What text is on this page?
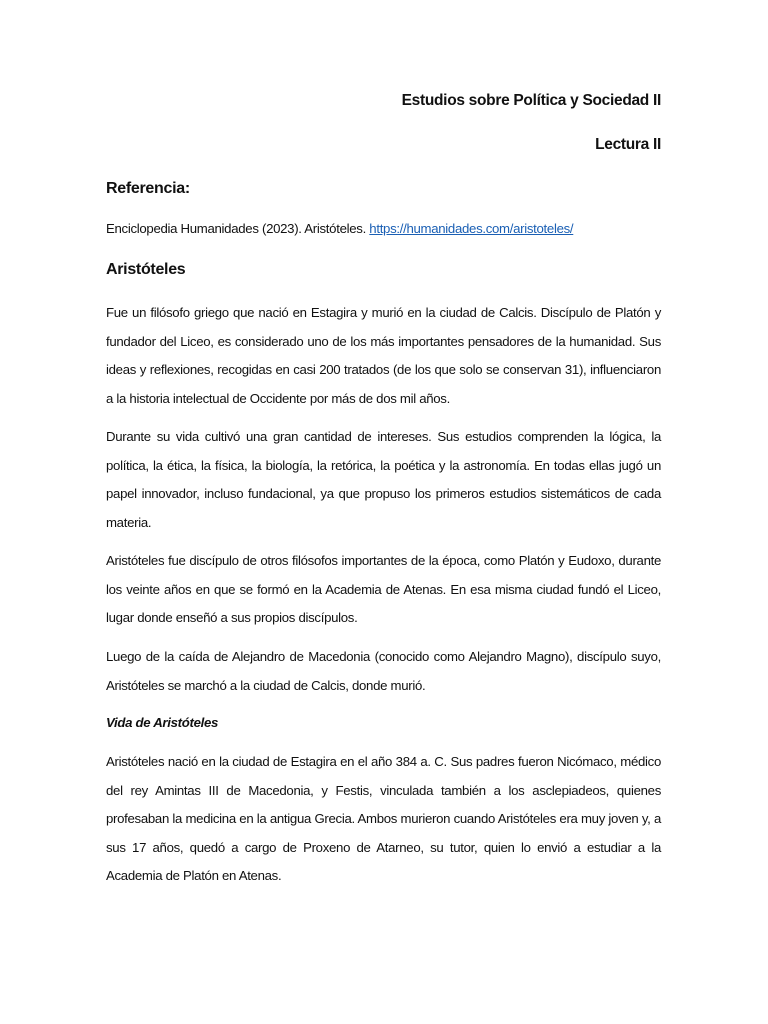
Estudios sobre Política y Sociedad II
Lectura II
Referencia:
Enciclopedia Humanidades (2023). Aristóteles. https://humanidades.com/aristoteles/
Aristóteles

Fue un filósofo griego que nació en Estagira y murió en la ciudad de Calcis. Discípulo de Platón y fundador del Liceo, es considerado uno de los más importantes pensadores de la humanidad. Sus ideas y reflexiones, recogidas en casi 200 tratados (de los que solo se conservan 31), influenciaron a la historia intelectual de Occidente por más de dos mil años.

Durante su vida cultivó una gran cantidad de intereses. Sus estudios comprenden la lógica, la política, la ética, la física, la biología, la retórica, la poética y la astronomía. En todas ellas jugó un papel innovador, incluso fundacional, ya que propuso los primeros estudios sistemáticos de cada materia.

Aristóteles fue discípulo de otros filósofos importantes de la época, como Platón y Eudoxo, durante los veinte años en que se formó en la Academia de Atenas. En esa misma ciudad fundó el Liceo, lugar donde enseñó a sus propios discípulos.

Luego de la caída de Alejandro de Macedonia (conocido como Alejandro Magno), discípulo suyo, Aristóteles se marchó a la ciudad de Calcis, donde murió.

Vida de Aristóteles

Aristóteles nació en la ciudad de Estagira en el año 384 a. C. Sus padres fueron Nicómaco, médico del rey Amintas III de Macedonia, y Festis, vinculada también a los asclepiadeos, quienes profesaban la medicina en la antigua Grecia. Ambos murieron cuando Aristóteles era muy joven y, a sus 17 años, quedó a cargo de Proxeno de Atarneo, su tutor, quien lo envió a estudiar a la Academia de Platón en Atenas.
